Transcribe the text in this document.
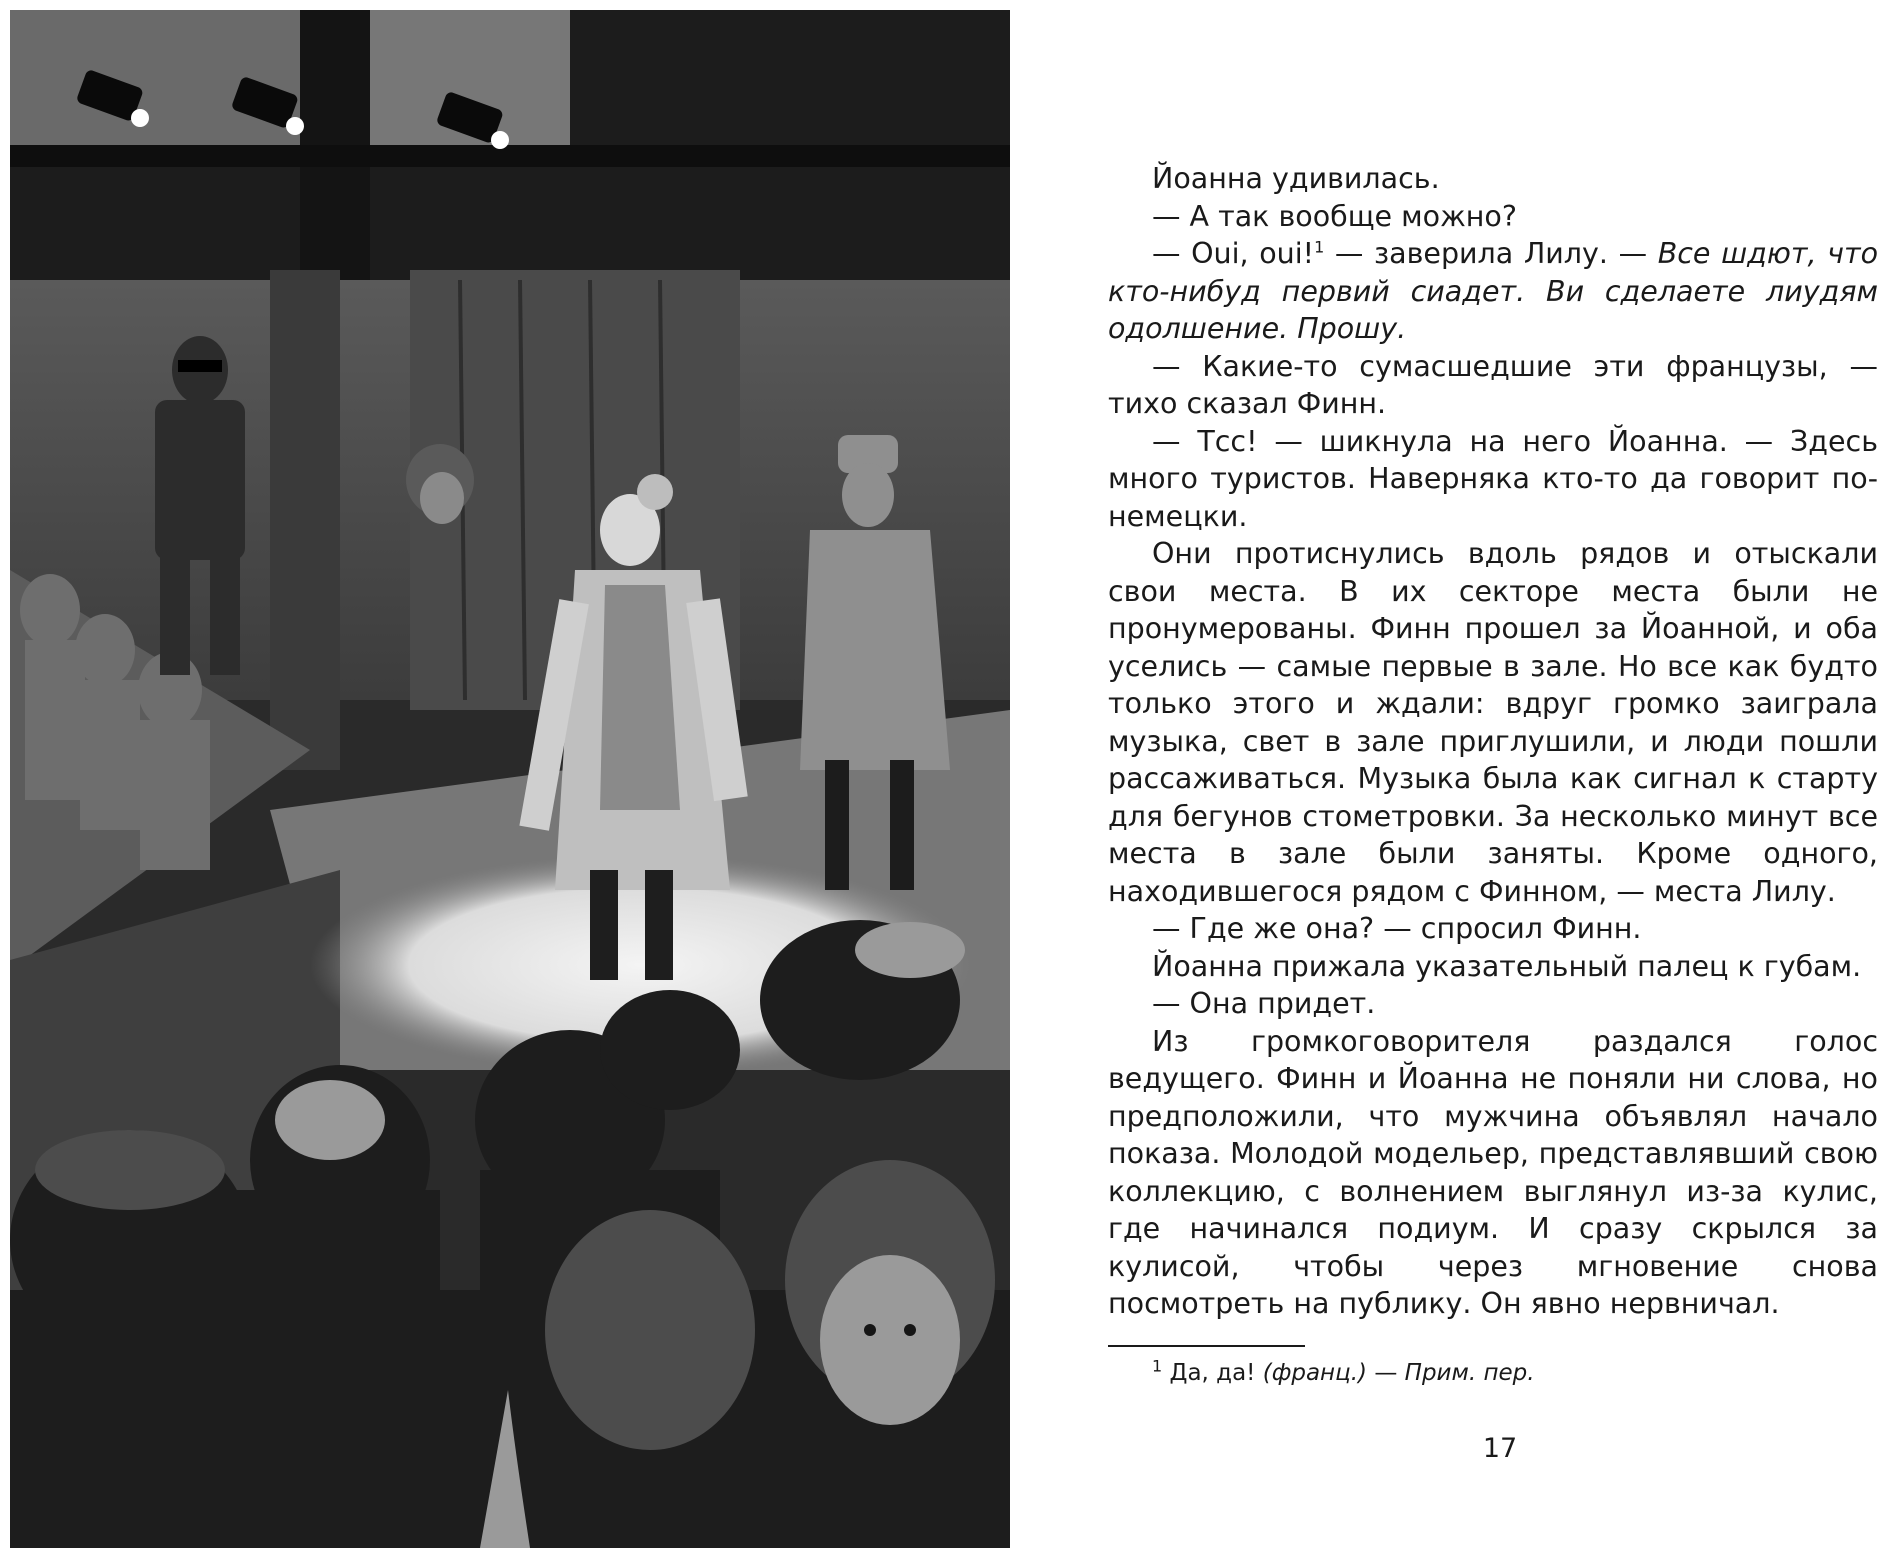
Йоанна удивилась.

— А так вообще можно?

— Oui, oui!$^1$ — заверила Лилу. — Все шдют, что кто-нибуд первий сиадет. Ви сделаете лиудям одолшение. Прошу.

— Какие-то сумасшедшие эти французы, — тихо сказал Финн.

— Тсс! — шикнула на него Йоанна. — Здесь много туристов. Наверняка кто-то да говорит по-немецки.

Они протиснулись вдоль рядов и отыскали свои места. В их секторе места были не пронумерованы. Финн прошел за Йоанной, и оба уселись — самые первые в зале. Но все как будто только этого и ждали: вдруг громко заиграла музыка, свет в зале приглушили, и люди пошли рассаживаться. Музыка была как сигнал к старту для бегунов стометровки. За несколько минут все места в зале были заняты. Кроме одного, находившегося рядом с Финном, — места Лилу.

— Где же она? — спросил Финн.

Йоанна прижала указательный палец к губам.

— Она придет.

Из громкоговорителя раздался голос ведущего. Финн и Йоанна не поняли ни слова, но предположили, что мужчина объявлял начало показа. Молодой модельер, представлявший свою коллекцию, с волнением выглянул из-за кулис, где начинался подиум. И сразу скрылся за кулисой, чтобы через мгновение снова посмотреть на публику. Он явно нервничал.

$^1$ Да, да! (франц.) — Прим. пер.
17
